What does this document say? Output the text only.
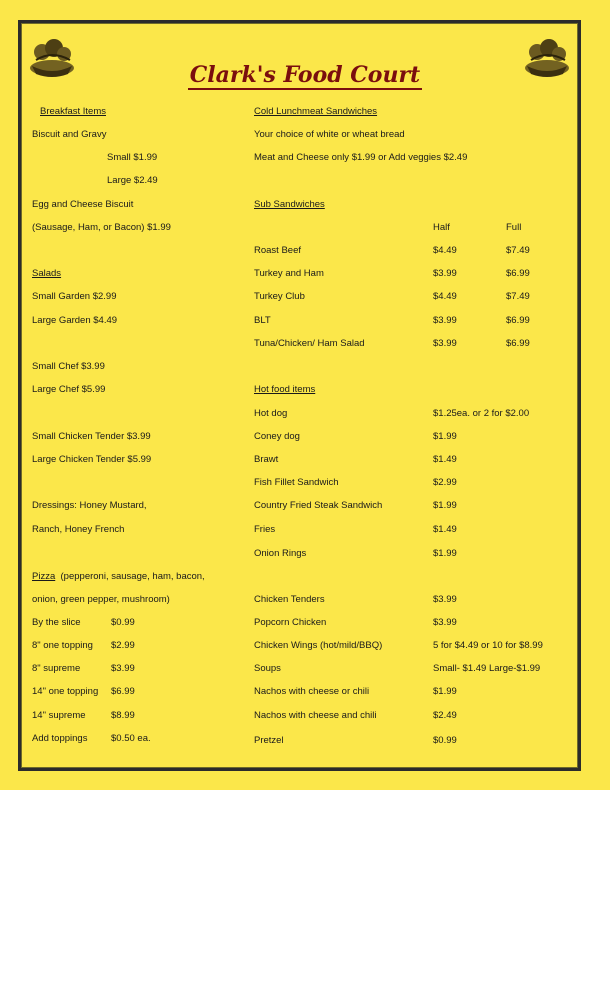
Clark's Food Court
Breakfast Items
Biscuit and Gravy
Small $1.99
Large $2.49
Egg and Cheese Biscuit
(Sausage, Ham, or Bacon) $1.99
Salads
Small Garden $2.99
Large Garden $4.49
Small Chef $3.99
Large Chef $5.99
Small Chicken Tender $3.99
Large Chicken Tender $5.99
Dressings: Honey Mustard,
Ranch, Honey French
Pizza (pepperoni, sausage, ham, bacon,
onion, green pepper, mushroom)
By the slice	$0.99
8" one topping $2.99
8" supreme	$3.99
14" one topping $6.99
14" supreme	$8.99
Add toppings $0.50 ea.
Cold Lunchmeat Sandwiches
Your choice of white or wheat bread
Meat and Cheese only $1.99 or Add veggies $2.49
Sub Sandwiches
Half	Full
Roast Beef	$4.49	$7.49
Turkey and Ham	$3.99	$6.99
Turkey Club	$4.49	$7.49
BLT	$3.99	$6.99
Tuna/Chicken/ Ham Salad	$3.99	$6.99
Hot food items
Hot dog	$1.25ea. or 2 for $2.00
Coney dog	$1.99
Brawt	$1.49
Fish Fillet Sandwich	$2.99
Country Fried Steak Sandwich	$1.99
Fries	$1.49
Onion Rings	$1.99
Chicken Tenders	$3.99
Popcorn Chicken	$3.99
Chicken Wings (hot/mild/BBQ)	5 for $4.49 or 10 for $8.99
Soups	Small- $1.49 Large-$1.99
Nachos with cheese or chili	$1.99
Nachos with cheese and chili	$2.49
Pretzel	$0.99
